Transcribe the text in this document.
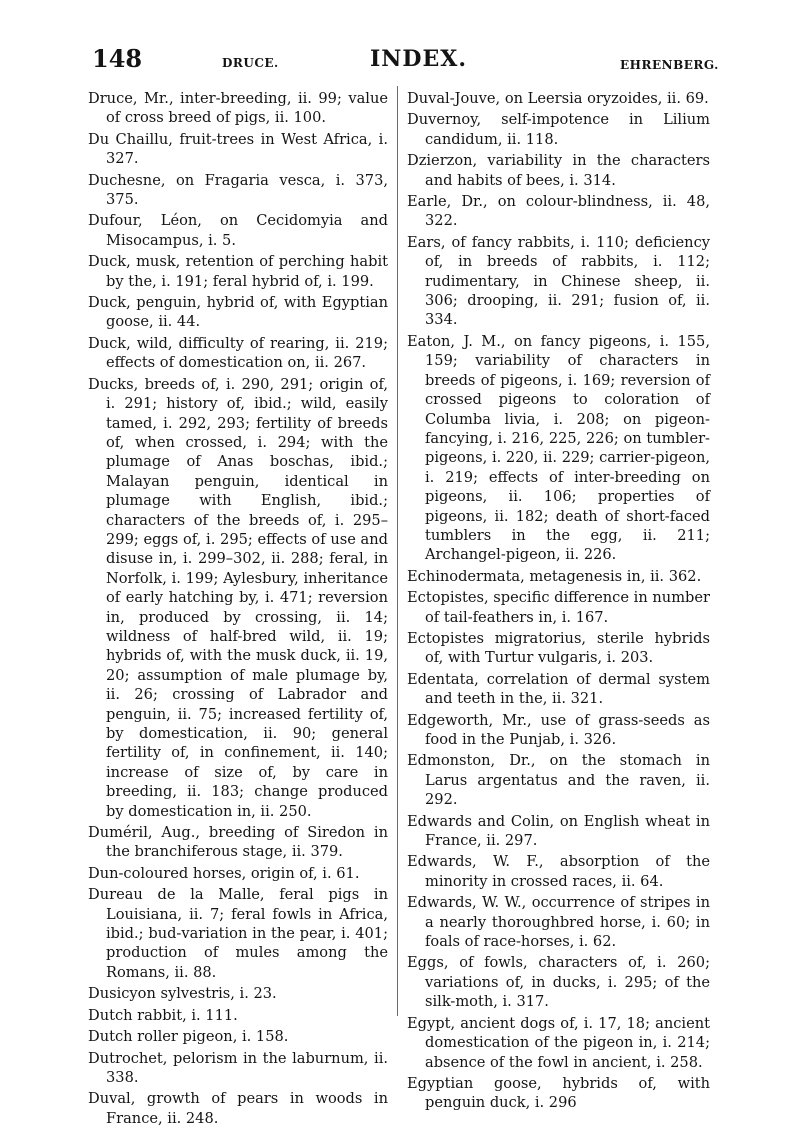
148	DRUCE.	INDEX.	EHRENBERG.
Druce, Mr., inter-breeding, ii. 99; value of cross breed of pigs, ii. 100.
Du Chaillu, fruit-trees in West Africa, i. 327.
Duchesne, on Fragaria vesca, i. 373, 375.
Dufour, Léon, on Cecidomyia and Misocampus, i. 5.
Duck, musk, retention of perching habit by the, i. 191; feral hybrid of, i. 199.
Duck, penguin, hybrid of, with Egyptian goose, ii. 44.
Duck, wild, difficulty of rearing, ii. 219; effects of domestication on, ii. 267.
Ducks, breeds of, i. 290, 291; origin of, i. 291; history of, ibid.; wild, easily tamed, i. 292, 293; fertility of breeds of, when crossed, i. 294; with the plumage of Anas boschas, ibid.; Malayan penguin, identical in plumage with English, ibid.; characters of the breeds of, i. 295–299; eggs of, i. 295; effects of use and disuse in, i. 299–302, ii. 288; feral, in Norfolk, i. 199; Aylesbury, inheritance of early hatching by, i. 471; reversion in, produced by crossing, ii. 14; wildness of half-bred wild, ii. 19; hybrids of, with the musk duck, ii. 19, 20; assumption of male plumage by, ii. 26; crossing of Labrador and penguin, ii. 75; increased fertility of, by domestication, ii. 90; general fertility of, in confinement, ii. 140; increase of size of, by care in breeding, ii. 183; change produced by domestication in, ii. 250.
Duméril, Aug., breeding of Siredon in the branchiferous stage, ii. 379.
Dun-coloured horses, origin of, i. 61.
Dureau de la Malle, feral pigs in Louisiana, ii. 7; feral fowls in Africa, ibid.; bud-variation in the pear, i. 401; production of mules among the Romans, ii. 88.
Dusicyon sylvestris, i. 23.
Dutch rabbit, i. 111.
Dutch roller pigeon, i. 158.
Dutrochet, pelorism in the laburnum, ii. 338.
Duval, growth of pears in woods in France, ii. 248.
Duval-Jouve, on Leersia oryzoides, ii. 69.
Duvernoy, self-impotence in Lilium candidum, ii. 118.
Dzierzon, variability in the characters and habits of bees, i. 314.
Earle, Dr., on colour-blindness, ii. 48, 322.
Ears, of fancy rabbits, i. 110; deficiency of, in breeds of rabbits, i. 112; rudimentary, in Chinese sheep, ii. 306; drooping, ii. 291; fusion of, ii. 334.
Eaton, J. M., on fancy pigeons, i. 155, 159; variability of characters in breeds of pigeons, i. 169; reversion of crossed pigeons to coloration of Columba livia, i. 208; on pigeon-fancying, i. 216, 225, 226; on tumbler-pigeons, i. 220, ii. 229; carrier-pigeon, i. 219; effects of inter-breeding on pigeons, ii. 106; properties of pigeons, ii. 182; death of short-faced tumblers in the egg, ii. 211; Archangel-pigeon, ii. 226.
Echinodermata, metagenesis in, ii. 362.
Ectopistes, specific difference in number of tail-feathers in, i. 167.
Ectopistes migratorius, sterile hybrids of, with Turtur vulgaris, i. 203.
Edentata, correlation of dermal system and teeth in the, ii. 321.
Edgeworth, Mr., use of grass-seeds as food in the Punjab, i. 326.
Edmonston, Dr., on the stomach in Larus argentatus and the raven, ii. 292.
Edwards and Colin, on English wheat in France, ii. 297.
Edwards, W. F., absorption of the minority in crossed races, ii. 64.
Edwards, W. W., occurrence of stripes in a nearly thoroughbred horse, i. 60; in foals of race-horses, i. 62.
Eggs, of fowls, characters of, i. 260; variations of, in ducks, i. 295; of the silk-moth, i. 317.
Egypt, ancient dogs of, i. 17, 18; ancient domestication of the pigeon in, i. 214; absence of the fowl in ancient, i. 258.
Egyptian goose, hybrids of, with penguin duck, i. 296
